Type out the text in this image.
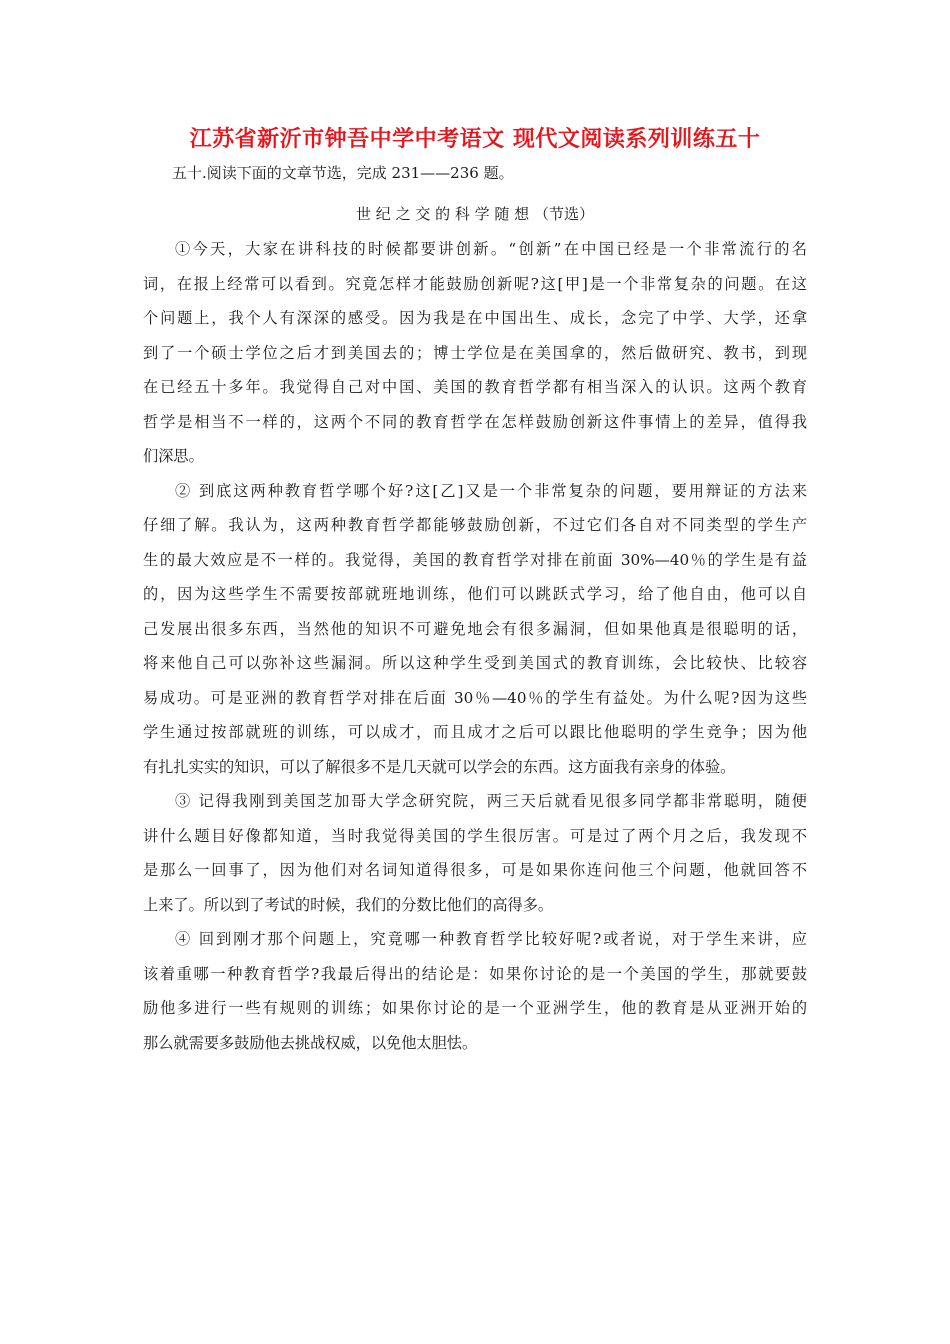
江苏省新沂市钟吾中学中考语文 现代文阅读系列训练五十
五十.阅读下面的文章节选，完成 231——236 题。
世 纪 之 交 的 科 学 随 想 （节选）
①今天，大家在讲科技的时候都要讲创新。“创新”在中国已经是一个非常流行的名
词，在报上经常可以看到。究竟怎样才能鼓励创新呢?这[甲]是一个非常复杂的问题。在这
个问题上，我个人有深深的感受。因为我是在中国出生、成长，念完了中学、大学，还拿
到了一个硕士学位之后才到美国去的；博士学位是在美国拿的，然后做研究、教书，到现
在已经五十多年。我觉得自己对中国、美国的教育哲学都有相当深入的认识。这两个教育
哲学是相当不一样的，这两个不同的教育哲学在怎样鼓励创新这件事情上的差异，值得我
们深思。
② 到底这两种教育哲学哪个好?这[乙]又是一个非常复杂的问题，要用辩证的方法来
仔细了解。我认为，这两种教育哲学都能够鼓励创新，不过它们各自对不同类型的学生产
生的最大效应是不一样的。我觉得，美国的教育哲学对排在前面 30%—40％的学生是有益
的，因为这些学生不需要按部就班地训练，他们可以跳跃式学习，给了他自由，他可以自
己发展出很多东西，当然他的知识不可避免地会有很多漏洞，但如果他真是很聪明的话，
将来他自己可以弥补这些漏洞。所以这种学生受到美国式的教育训练，会比较快、比较容
易成功。可是亚洲的教育哲学对排在后面 30％—40％的学生有益处。为什么呢?因为这些
学生通过按部就班的训练，可以成才，而且成才之后可以跟比他聪明的学生竞争；因为他
有扎扎实实的知识，可以了解很多不是几天就可以学会的东西。这方面我有亲身的体验。
③ 记得我刚到美国芝加哥大学念研究院，两三天后就看见很多同学都非常聪明，随便
讲什么题目好像都知道，当时我觉得美国的学生很厉害。可是过了两个月之后，我发现不
是那么一回事了，因为他们对名词知道得很多，可是如果你连问他三个问题，他就回答不
上来了。所以到了考试的时候，我们的分数比他们的高得多。
④ 回到刚才那个问题上，究竟哪一种教育哲学比较好呢?或者说，对于学生来讲，应
该着重哪一种教育哲学?我最后得出的结论是：如果你讨论的是一个美国的学生，那就要鼓
励他多进行一些有规则的训练；如果你讨论的是一个亚洲学生，他的教育是从亚洲开始的
那么就需要多鼓励他去挑战权威，以免他太胆怯。
